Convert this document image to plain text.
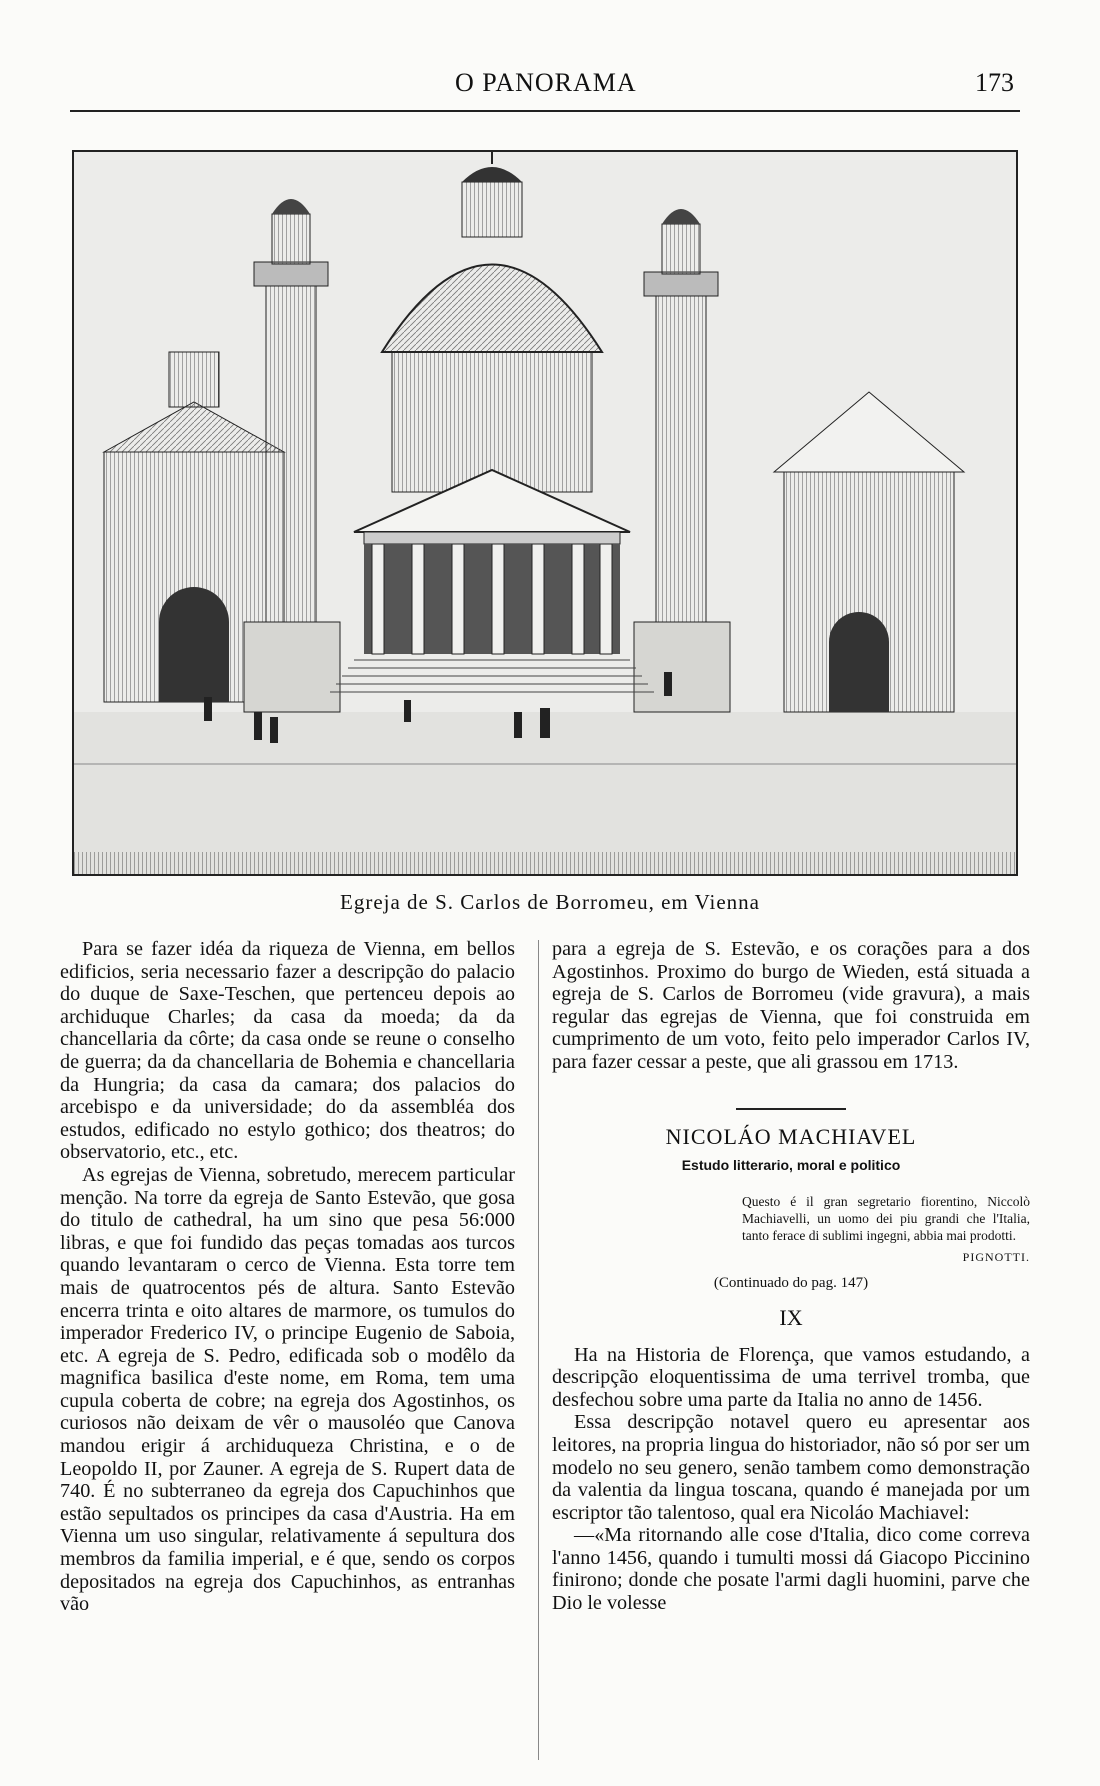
O PANORAMA	173
Egreja de S. Carlos de Borromeu, em Vienna

Para se fazer idéa da riqueza de Vienna, em bellos edificios, seria necessario fazer a descripção do palacio do duque de Saxe-Teschen, que pertenceu depois ao archiduque Charles; da casa da moeda; da da chancellaria da côrte; da casa onde se reune o conselho de guerra; da da chancellaria de Bohemia e chancellaria da Hungria; da casa da camara; dos palacios do arcebispo e da universidade; do da assembléa dos estudos, edificado no estylo gothico; dos theatros; do observatorio, etc., etc.

As egrejas de Vienna, sobretudo, merecem particular menção. Na torre da egreja de Santo Estevão, que gosa do titulo de cathedral, ha um sino que pesa 56:000 libras, e que foi fundido das peças tomadas aos turcos quando levantaram o cerco de Vienna. Esta torre tem mais de quatrocentos pés de altura. Santo Estevão encerra trinta e oito altares de marmore, os tumulos do imperador Frederico IV, o principe Eugenio de Saboia, etc. A egreja de S. Pedro, edificada sob o modêlo da magnifica basilica d'este nome, em Roma, tem uma cupula coberta de cobre; na egreja dos Agostinhos, os curiosos não deixam de vêr o mausoléo que Canova mandou erigir á archiduqueza Christina, e o de Leopoldo II, por Zauner. A egreja de S. Rupert data de 740. É no subterraneo da egreja dos Capuchinhos que estão sepultados os principes da casa d'Austria. Ha em Vienna um uso singular, relativamente á sepultura dos membros da familia imperial, e é que, sendo os corpos depositados na egreja dos Capuchinhos, as entranhas vão

para a egreja de S. Estevão, e os corações para a dos Agostinhos. Proximo do burgo de Wieden, está situada a egreja de S. Carlos de Borromeu (vide gravura), a mais regular das egrejas de Vienna, que foi construida em cumprimento de um voto, feito pelo imperador Carlos IV, para fazer cessar a peste, que ali grassou em 1713.

NICOLÁO MACHIAVEL
Estudo litterario, moral e politico
Questo é il gran segretario fiorentino, Niccolò Machiavelli, un uomo dei piu grandi che l'Italia, tanto ferace di sublimi ingegni, abbia mai prodotti.
PIGNOTTI.
(Continuado do pag. 147)
IX

Ha na Historia de Florença, que vamos estudando, a descripção eloquentissima de uma terrivel tromba, que desfechou sobre uma parte da Italia no anno de 1456.

Essa descripção notavel quero eu apresentar aos leitores, na propria lingua do historiador, não só por ser um modelo no seu genero, senão tambem como demonstração da valentia da lingua toscana, quando é manejada por um escriptor tão talentoso, qual era Nicoláo Machiavel:

—«Ma ritornando alle cose d'Italia, dico come correva l'anno 1456, quando i tumulti mossi dá Giacopo Piccinino finirono; donde che posate l'armi dagli huomini, parve che Dio le volesse
